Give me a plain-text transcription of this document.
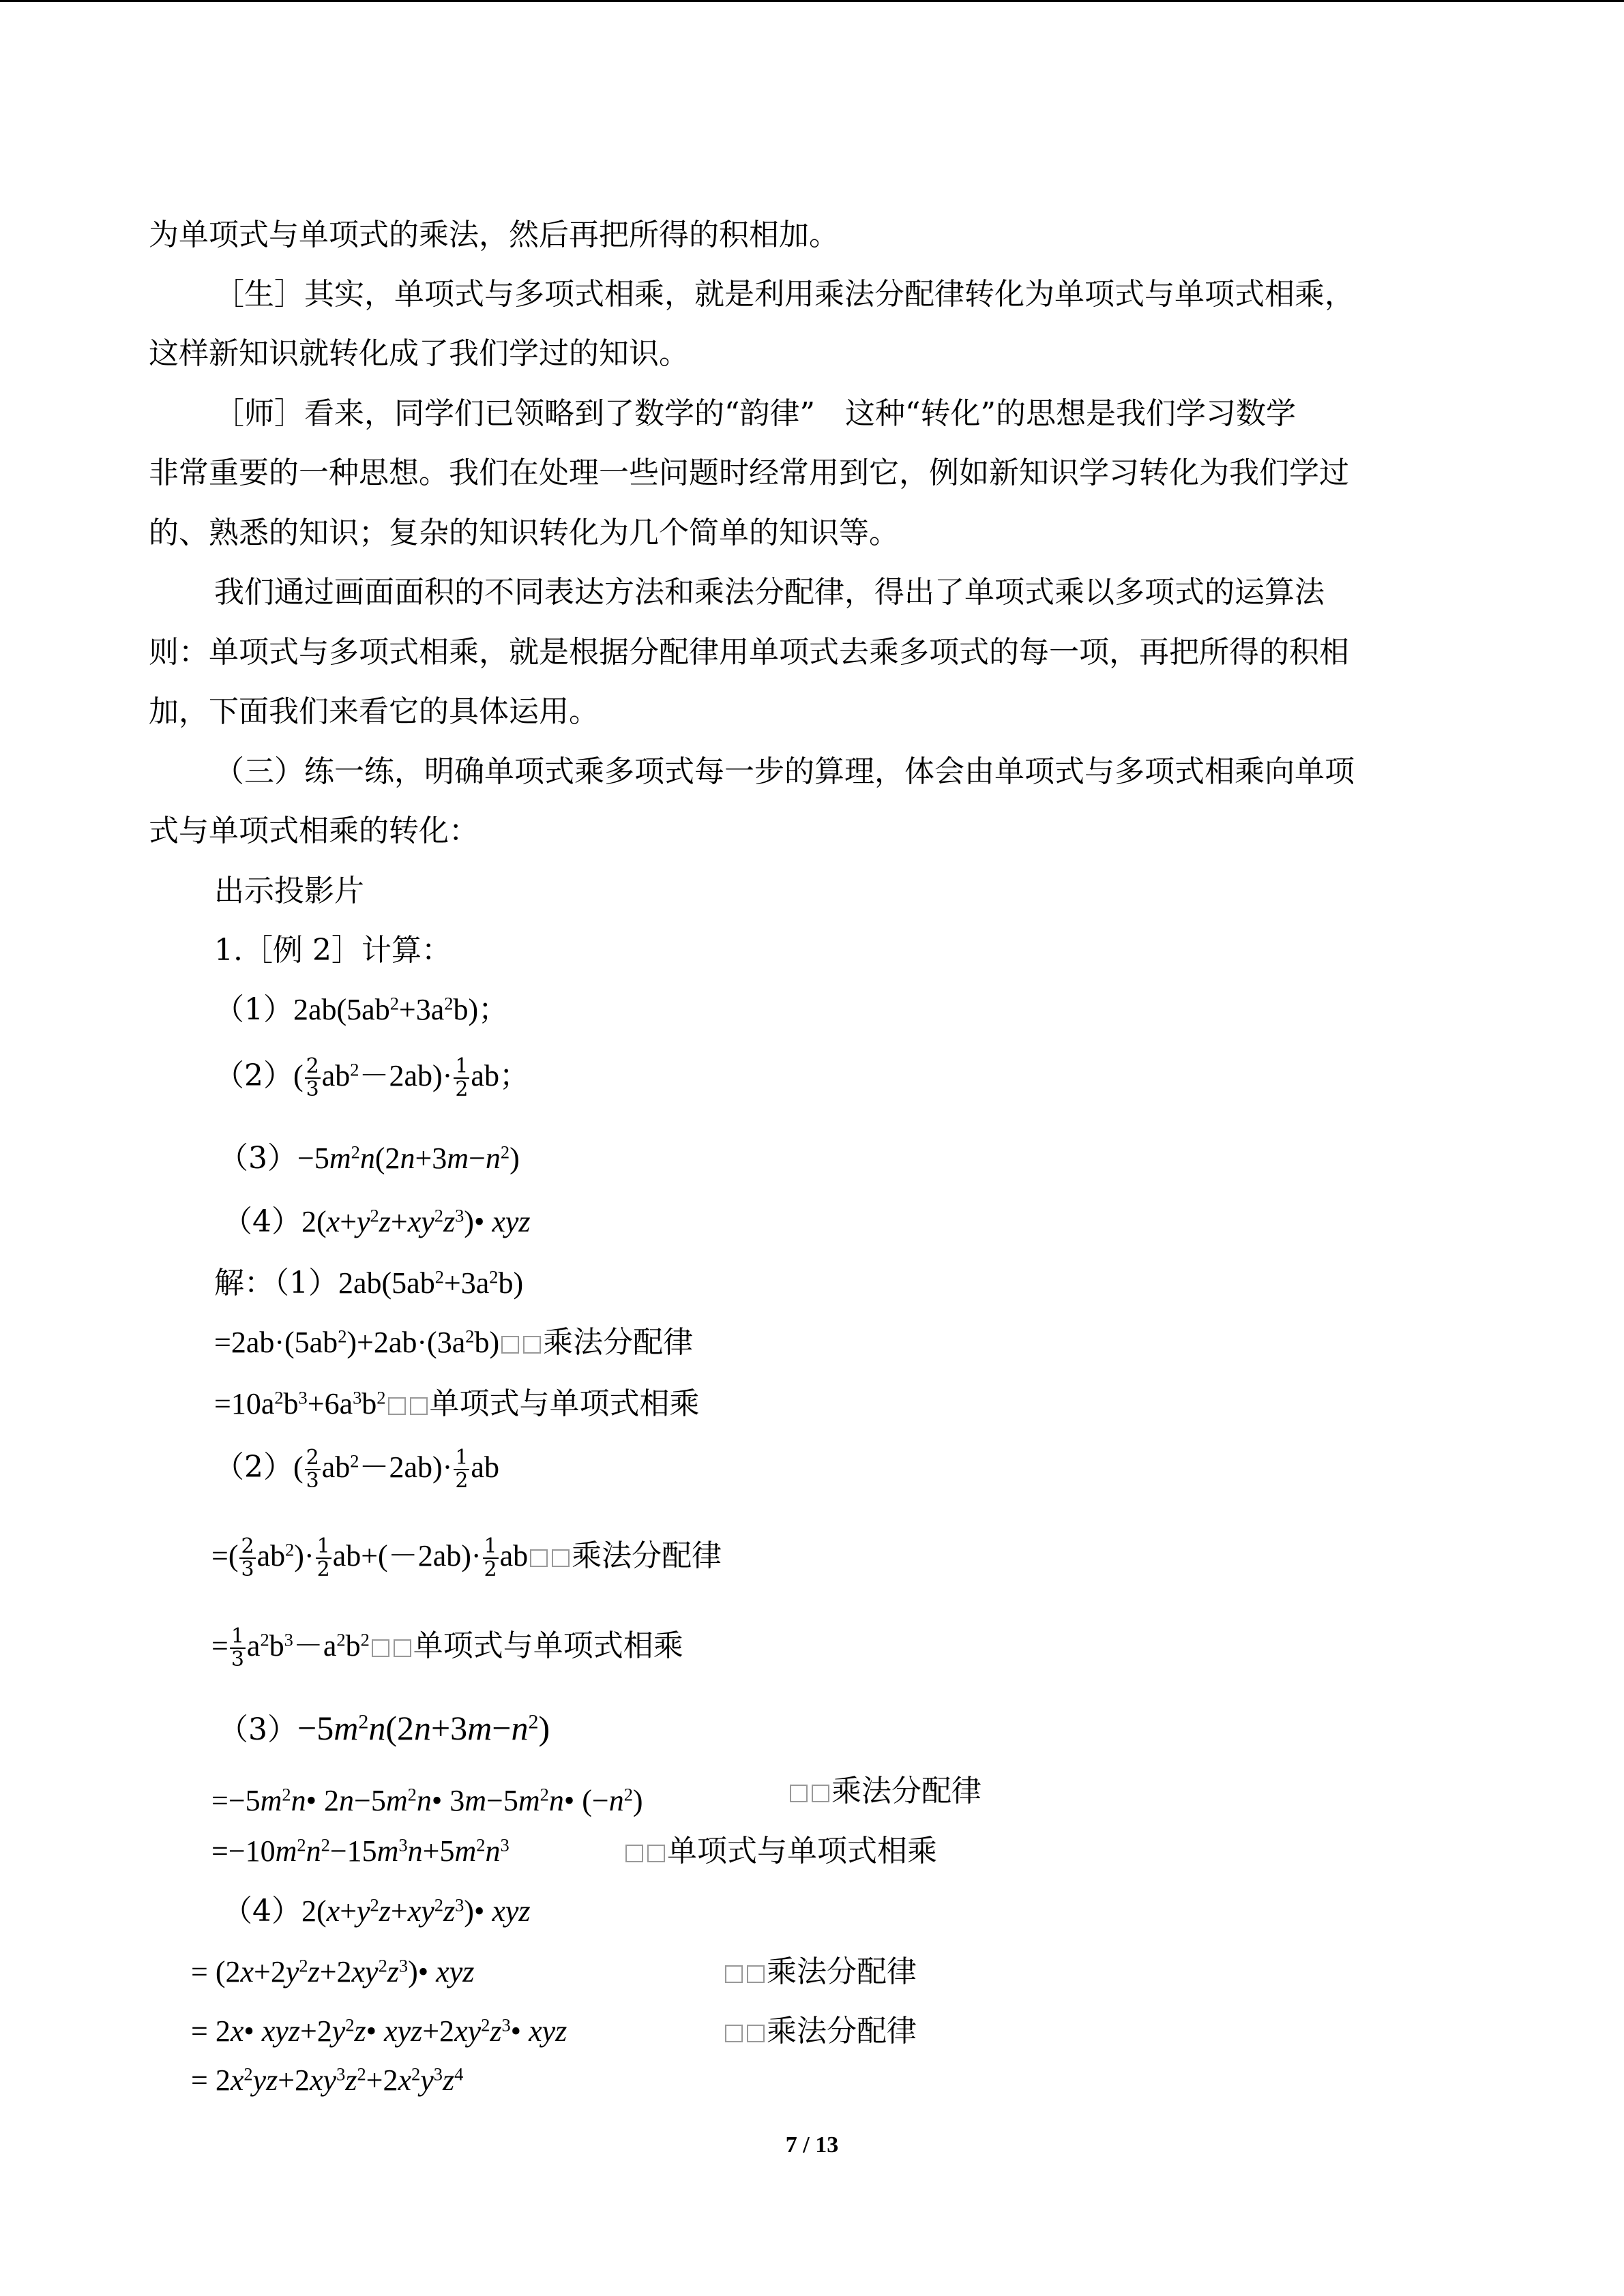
为单项式与单项式的乘法，然后再把所得的积相加。
［生］其实，单项式与多项式相乘，就是利用乘法分配律转化为单项式与单项式相乘，
这样新知识就转化成了我们学过的知识。
［师］看来，同学们已领略到了数学的“韵律”　这种“转化”的思想是我们学习数学
非常重要的一种思想。我们在处理一些问题时经常用到它，例如新知识学习转化为我们学过
的、熟悉的知识；复杂的知识转化为几个简单的知识等。
我们通过画面面积的不同表达方法和乘法分配律，得出了单项式乘以多项式的运算法
则：单项式与多项式相乘，就是根据分配律用单项式去乘多项式的每一项，再把所得的积相
加，下面我们来看它的具体运用。
（三）练一练，明确单项式乘多项式每一步的算理，体会由单项式与多项式相乘向单项
式与单项式相乘的转化：
出示投影片
1.［例 2］计算：
$(1)2ab(5ab^2+3a^2b)$；
$(2)( \frac{2}{3} ab^2-2ab)\cdot \frac{1}{2}$ ab；
$(3)-5m^2n(2n+3m-n^2)$
$(4)2(x+y^2z+xy^2z^3)•$ xyz
解：$(1)2ab(5ab^2+3a^2b)$
$=2ab\cdot(5ab^2)+2ab\cdot(3a^2b)$ 乘法分配律
$=10a^2b^3+6a^3b^2$ 单项式与单项式相乘
$(2)( \frac{2}{3} ab^2-2ab)\cdot \frac{1}{2}$ ab
=( $\frac{2}{3} ab^2)\cdot \frac{1}{2} ab+(-2ab)\cdot \frac{1}{2}$ ab 乘法分配律
= $\frac{1}{3} a^2b^3-a^2b^2$ 单项式与单项式相乘
$(3)-5m^2n(2n+3m-n^2)$
$=-5m^2n•$ $2n-5m^2n•$ $3m-5m^2n•$ $(-n^2)$	乘法分配律
$=-10m^2n^2-15m^3n+5m^2n^3$	单项式与单项式相乘
$(4)2(x+y^2z+xy^2z^3)•$ xyz
= $(2x+2y^2z+2xy^2z^3)•$ xyz	乘法分配律
= 2x• $xyz+2y^2z•$ $xyz+2xy^2z^3•$ xyz	乘法分配律
= $2x^2yz+2xy^3z^2+2x^2y^3z^4$
7 / 13
